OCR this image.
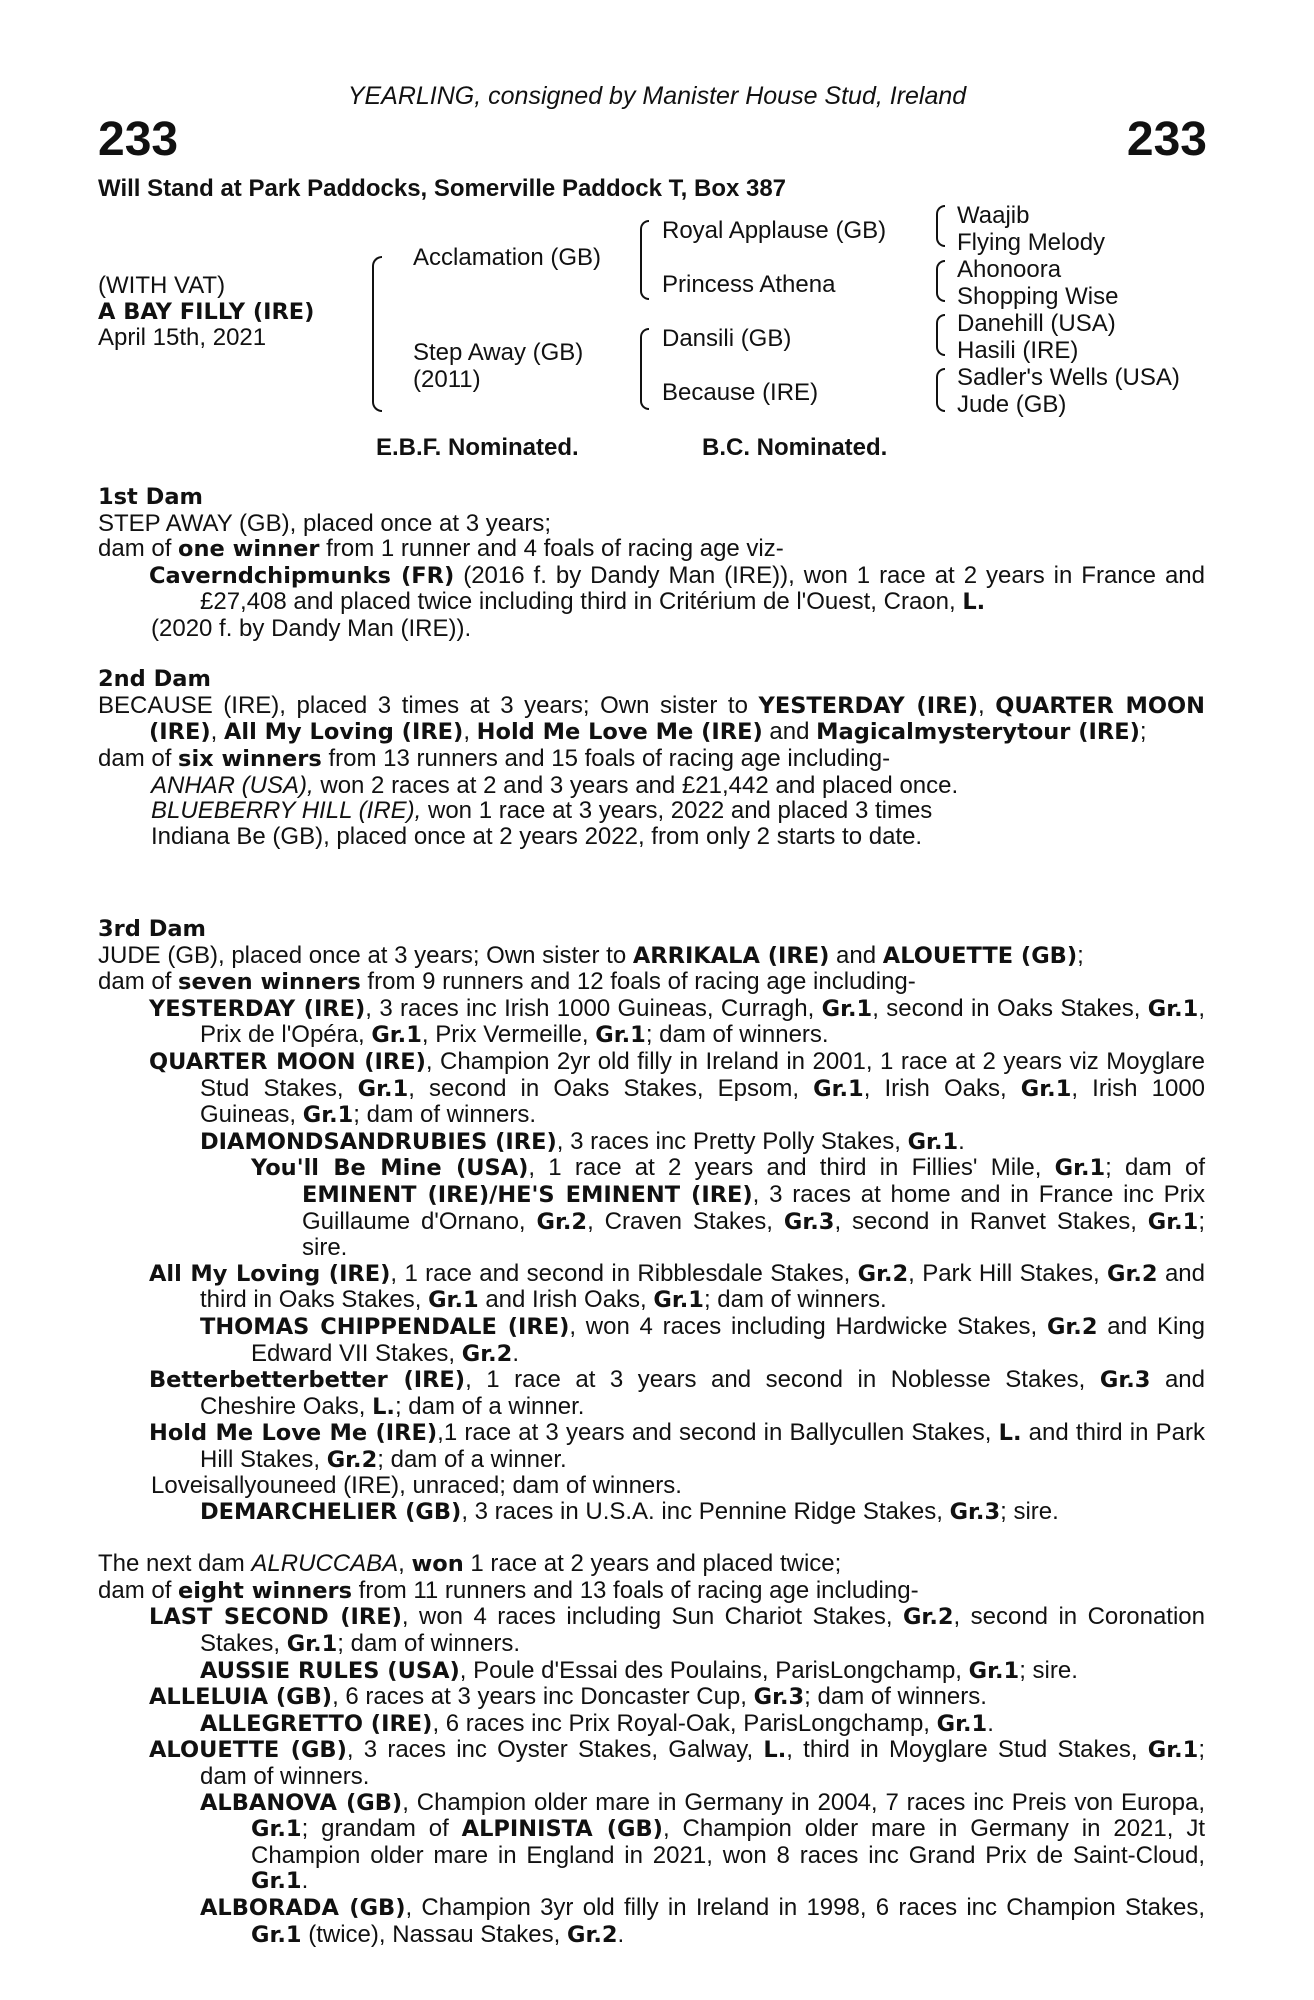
YEARLING, consigned by Manister House Stud, Ireland
233	233
Will Stand at Park Paddocks, Somerville Paddock T, Box 387
(WITH VAT)
A BAY FILLY (IRE)
April 15th, 2021
Acclamation (GB)
Step Away (GB)
(2011)
Royal Applause (GB)
Princess Athena
Dansili (GB)
Because (IRE)
Waajib
Flying Melody
Ahonoora
Shopping Wise
Danehill (USA)
Hasili (IRE)
Sadler's Wells (USA)
Jude (GB)
E.B.F. Nominated.	B.C. Nominated.
1st Dam
STEP AWAY (GB), placed once at 3 years;
dam of one winner from 1 runner and 4 foals of racing age viz-
Caverndchipmunks (FR) (2016 f. by Dandy Man (IRE)), won 1 race at 2 years in France and £27,408 and placed twice including third in Critérium de l'Ouest, Craon, L.
(2020 f. by Dandy Man (IRE)).
2nd Dam
BECAUSE (IRE), placed 3 times at 3 years; Own sister to YESTERDAY (IRE), QUARTER MOON (IRE), All My Loving (IRE), Hold Me Love Me (IRE) and Magicalmysterytour (IRE);
dam of six winners from 13 runners and 15 foals of racing age including-
ANHAR (USA), won 2 races at 2 and 3 years and £21,442 and placed once.
BLUEBERRY HILL (IRE), won 1 race at 3 years, 2022 and placed 3 times
Indiana Be (GB), placed once at 2 years 2022, from only 2 starts to date.
3rd Dam
JUDE (GB), placed once at 3 years; Own sister to ARRIKALA (IRE) and ALOUETTE (GB);
dam of seven winners from 9 runners and 12 foals of racing age including-
YESTERDAY (IRE), 3 races inc Irish 1000 Guineas, Curragh, Gr.1, second in Oaks Stakes, Gr.1, Prix de l'Opéra, Gr.1, Prix Vermeille, Gr.1; dam of winners.
QUARTER MOON (IRE), Champion 2yr old filly in Ireland in 2001, 1 race at 2 years viz Moyglare Stud Stakes, Gr.1, second in Oaks Stakes, Epsom, Gr.1, Irish Oaks, Gr.1, Irish 1000 Guineas, Gr.1; dam of winners.
DIAMONDSANDRUBIES (IRE), 3 races inc Pretty Polly Stakes, Gr.1.
You'll Be Mine (USA), 1 race at 2 years and third in Fillies' Mile, Gr.1; dam of EMINENT (IRE)/HE'S EMINENT (IRE), 3 races at home and in France inc Prix Guillaume d'Ornano, Gr.2, Craven Stakes, Gr.3, second in Ranvet Stakes, Gr.1; sire.
All My Loving (IRE), 1 race and second in Ribblesdale Stakes, Gr.2, Park Hill Stakes, Gr.2 and third in Oaks Stakes, Gr.1 and Irish Oaks, Gr.1; dam of winners.
THOMAS CHIPPENDALE (IRE), won 4 races including Hardwicke Stakes, Gr.2 and King Edward VII Stakes, Gr.2.
Betterbetterbetter (IRE), 1 race at 3 years and second in Noblesse Stakes, Gr.3 and Cheshire Oaks, L.; dam of a winner.
Hold Me Love Me (IRE),1 race at 3 years and second in Ballycullen Stakes, L. and third in Park Hill Stakes, Gr.2; dam of a winner.
Loveisallyouneed (IRE), unraced; dam of winners.
DEMARCHELIER (GB), 3 races in U.S.A. inc Pennine Ridge Stakes, Gr.3; sire.
The next dam ALRUCCABA, won 1 race at 2 years and placed twice;
dam of eight winners from 11 runners and 13 foals of racing age including-
LAST SECOND (IRE), won 4 races including Sun Chariot Stakes, Gr.2, second in Coronation Stakes, Gr.1; dam of winners.
AUSSIE RULES (USA), Poule d'Essai des Poulains, ParisLongchamp, Gr.1; sire.
ALLELUIA (GB), 6 races at 3 years inc Doncaster Cup, Gr.3; dam of winners.
ALLEGRETTO (IRE), 6 races inc Prix Royal-Oak, ParisLongchamp, Gr.1.
ALOUETTE (GB), 3 races inc Oyster Stakes, Galway, L., third in Moyglare Stud Stakes, Gr.1; dam of winners.
ALBANOVA (GB), Champion older mare in Germany in 2004, 7 races inc Preis von Europa, Gr.1; grandam of ALPINISTA (GB), Champion older mare in Germany in 2021, Jt Champion older mare in England in 2021, won 8 races inc Grand Prix de Saint-Cloud, Gr.1.
ALBORADA (GB), Champion 3yr old filly in Ireland in 1998, 6 races inc Champion Stakes, Gr.1 (twice), Nassau Stakes, Gr.2.
